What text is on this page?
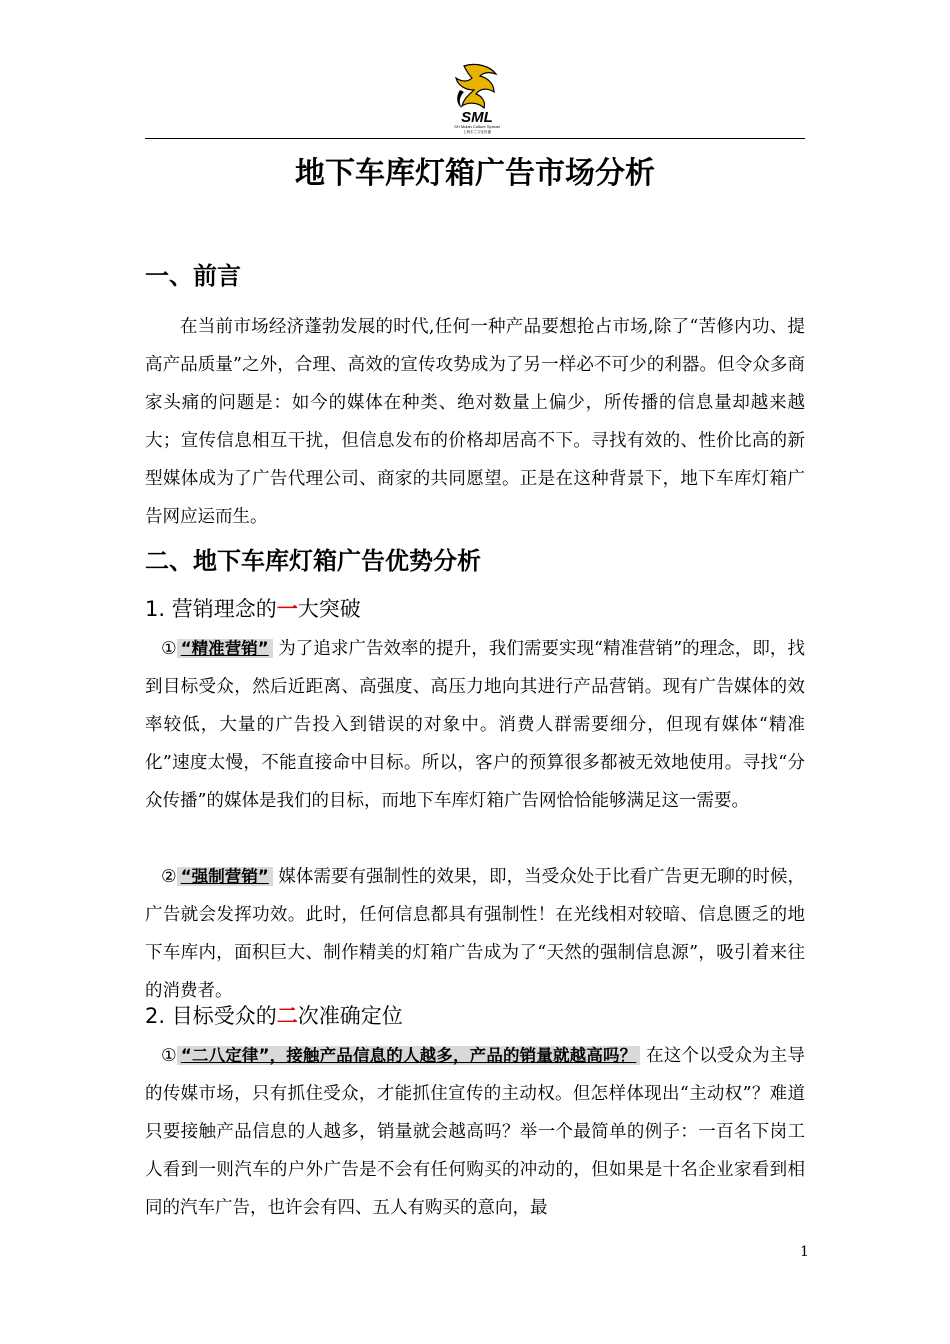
SML
SH Mulan Culture Spread
上海木兰文化传播
地下车库灯箱广告市场分析
一、前言
在当前市场经济蓬勃发展的时代,任何一种产品要想抢占市场,除了“苦修内功、提高产品质量”之外，合理、高效的宣传攻势成为了另一样必不可少的利器。但令众多商家头痛的问题是：如今的媒体在种类、绝对数量上偏少，所传播的信息量却越来越大；宣传信息相互干扰，但信息发布的价格却居高不下。寻找有效的、性价比高的新型媒体成为了广告代理公司、商家的共同愿望。正是在这种背景下，地下车库灯箱广告网应运而生。
二、地下车库灯箱广告优势分析
1. 营销理念的一大突破
① “精准营销” 为了追求广告效率的提升，我们需要实现“精准营销”的理念，即，找到目标受众，然后近距离、高强度、高压力地向其进行产品营销。现有广告媒体的效率较低，大量的广告投入到错误的对象中。消费人群需要细分，但现有媒体“精准化”速度太慢，不能直接命中目标。所以，客户的预算很多都被无效地使用。寻找“分众传播”的媒体是我们的目标，而地下车库灯箱广告网恰恰能够满足这一需要。
② “强制营销” 媒体需要有强制性的效果，即，当受众处于比看广告更无聊的时候，广告就会发挥功效。此时，任何信息都具有强制性！在光线相对较暗、信息匮乏的地下车库内，面积巨大、制作精美的灯箱广告成为了“天然的强制信息源”，吸引着来往的消费者。
2. 目标受众的二次准确定位
① “二八定律”，接触产品信息的人越多，产品的销量就越高吗？ 在这个以受众为主导的传媒市场，只有抓住受众，才能抓住宣传的主动权。但怎样体现出“主动权”？难道只要接触产品信息的人越多，销量就会越高吗？举一个最简单的例子：一百名下岗工人看到一则汽车的户外广告是不会有任何购买的冲动的，但如果是十名企业家看到相同的汽车广告，也许会有四、五人有购买的意向，最
1
